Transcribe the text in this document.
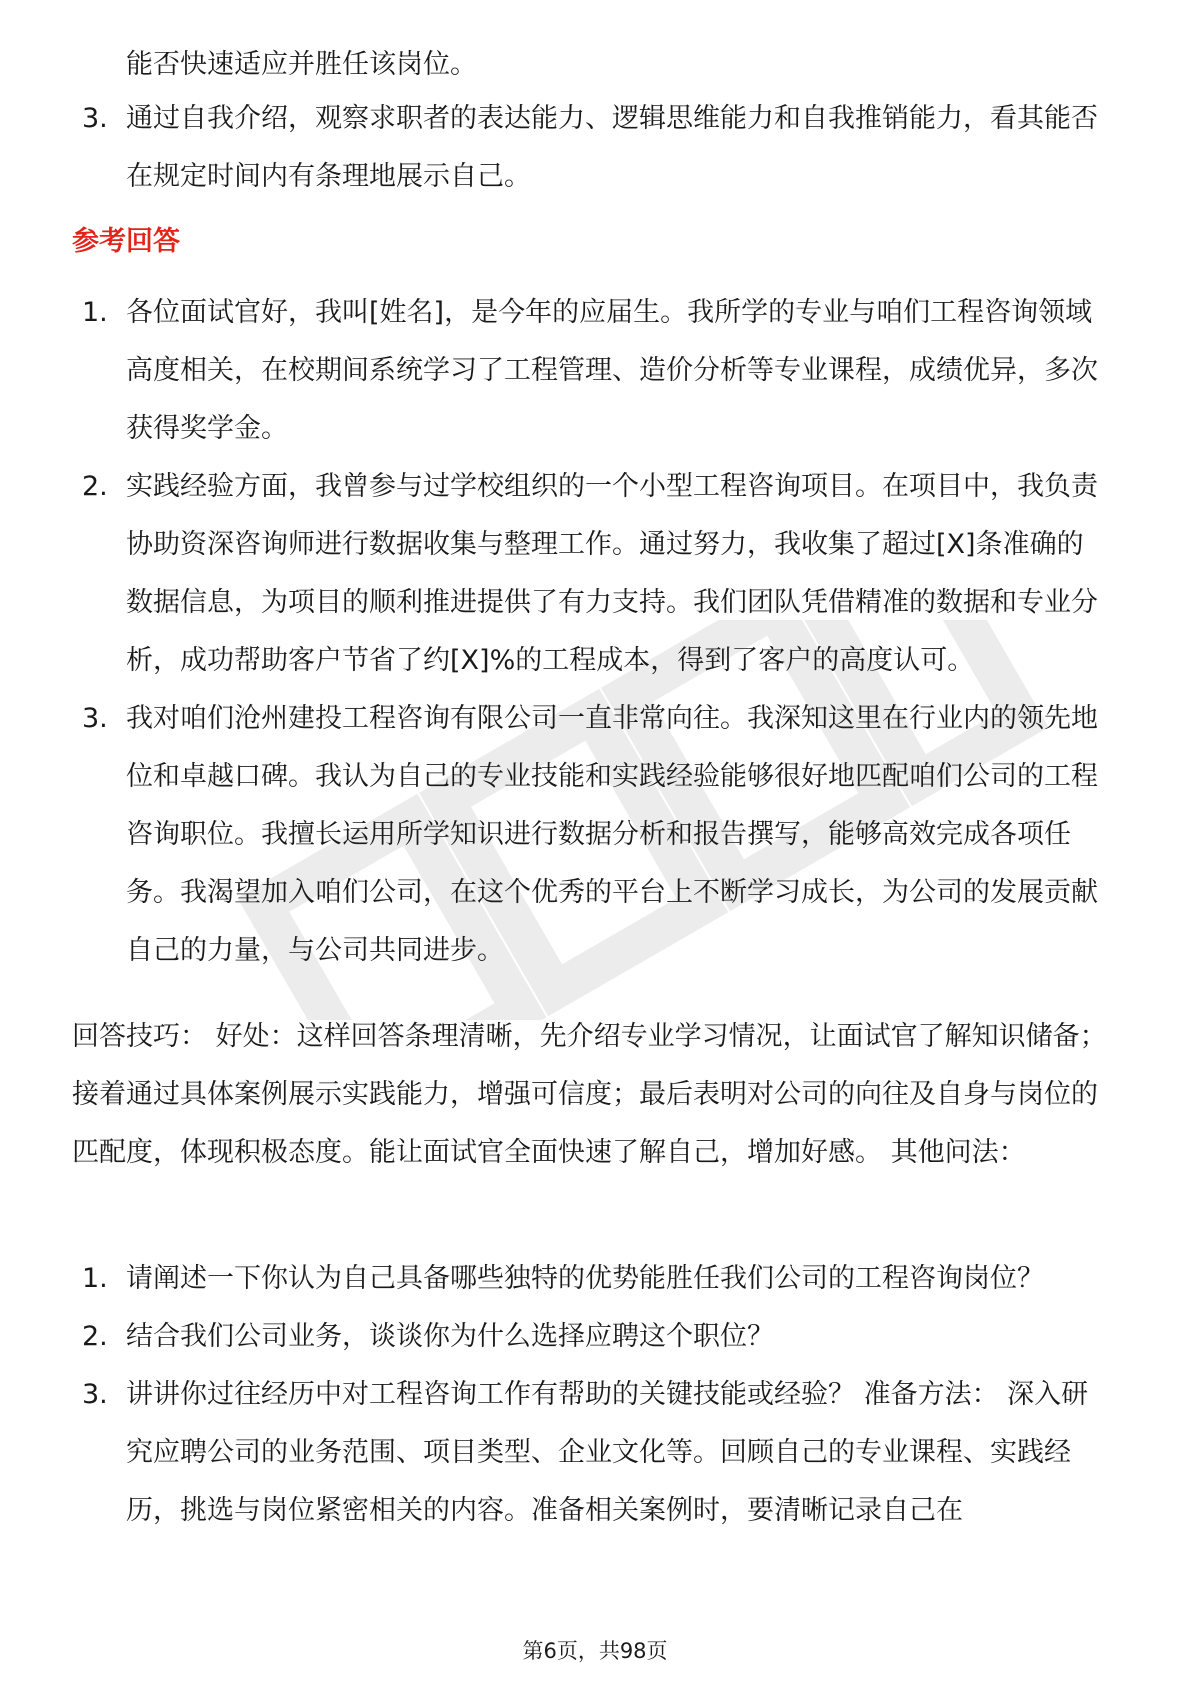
能否快速适应并胜任该岗位。
3. 通过自我介绍，观察求职者的表达能力、逻辑思维能力和自我推销能力，看其能否在规定时间内有条理地展示自己。
参考回答
1. 各位面试官好，我叫[姓名]，是今年的应届生。我所学的专业与咱们工程咨询领域高度相关，在校期间系统学习了工程管理、造价分析等专业课程，成绩优异，多次获得奖学金。
2. 实践经验方面，我曾参与过学校组织的一个小型工程咨询项目。在项目中，我负责协助资深咨询师进行数据收集与整理工作。通过努力，我收集了超过[X]条准确的数据信息，为项目的顺利推进提供了有力支持。我们团队凭借精准的数据和专业分析，成功帮助客户节省了约[X]%的工程成本，得到了客户的高度认可。
3. 我对咱们沧州建投工程咨询有限公司一直非常向往。我深知这里在行业内的领先地位和卓越口碑。我认为自己的专业技能和实践经验能够很好地匹配咱们公司的工程咨询职位。我擅长运用所学知识进行数据分析和报告撰写，能够高效完成各项任务。我渴望加入咱们公司，在这个优秀的平台上不断学习成长，为公司的发展贡献自己的力量，与公司共同进步。
回答技巧： 好处：这样回答条理清晰，先介绍专业学习情况，让面试官了解知识储备；接着通过具体案例展示实践能力，增强可信度；最后表明对公司的向往及自身与岗位的匹配度，体现积极态度。能让面试官全面快速了解自己，增加好感。 其他问法：
1. 请阐述一下你认为自己具备哪些独特的优势能胜任我们公司的工程咨询岗位？
2. 结合我们公司业务，谈谈你为什么选择应聘这个职位？
3. 讲讲你过往经历中对工程咨询工作有帮助的关键技能或经验？ 准备方法： 深入研究应聘公司的业务范围、项目类型、企业文化等。回顾自己的专业课程、实践经历，挑选与岗位紧密相关的内容。准备相关案例时，要清晰记录自己在
第6页，共98页
